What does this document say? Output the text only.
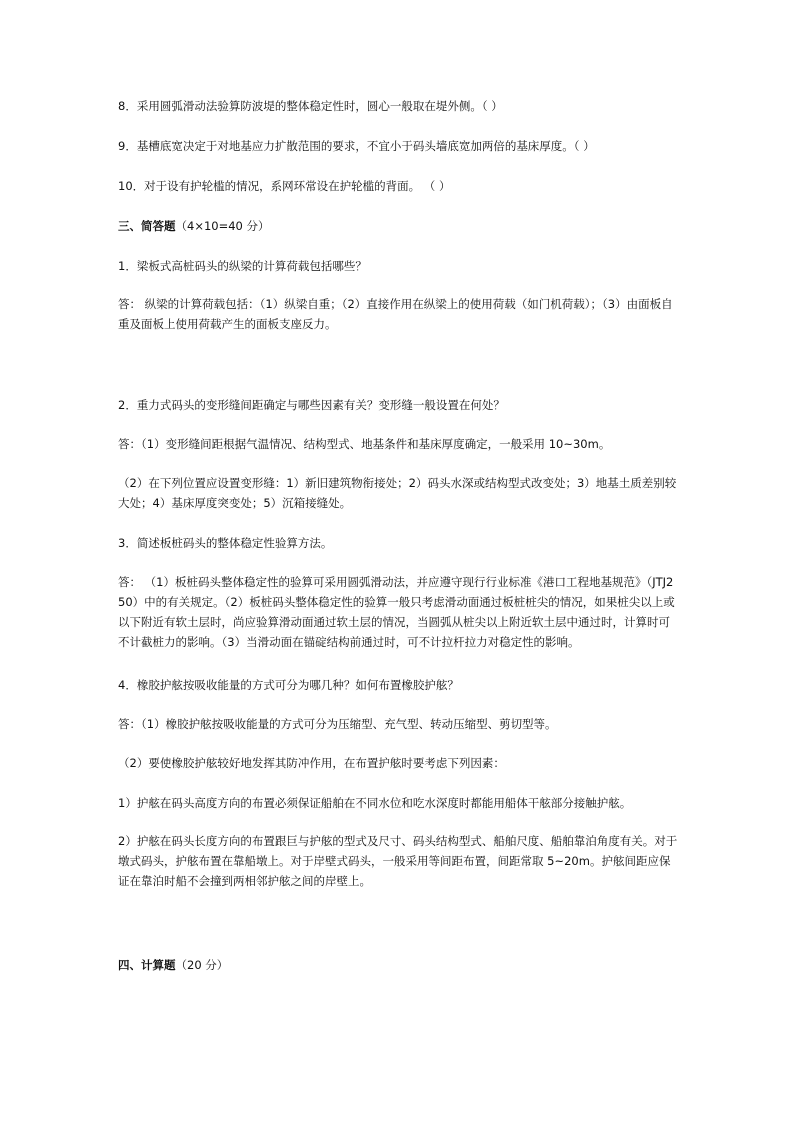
8．采用圆弧滑动法验算防波堤的整体稳定性时，圆心一般取在堤外侧。（ ）

9．基槽底宽决定于对地基应力扩散范围的要求，不宜小于码头墙底宽加两倍的基床厚度。（ ）

10．对于设有护轮槛的情况，系网环常设在护轮槛的背面。 （ ）

三、简答题（4×10=40 分）

1．梁板式高桩码头的纵梁的计算荷载包括哪些？

答： 纵梁的计算荷载包括：（1）纵梁自重；（2）直接作用在纵梁上的使用荷载（如门机荷载）；（3）由面板自重及面板上使用荷载产生的面板支座反力。

2．重力式码头的变形缝间距确定与哪些因素有关？变形缝一般设置在何处？

答：（1）变形缝间距根据气温情况、结构型式、地基条件和基床厚度确定，一般采用 10~30m。

（2）在下列位置应设置变形缝：1）新旧建筑物衔接处；2）码头水深或结构型式改变处；3）地基土质差别较大处；4）基床厚度突变处；5）沉箱接缝处。

3．简述板桩码头的整体稳定性验算方法。

答： （1）板桩码头整体稳定性的验算可采用圆弧滑动法，并应遵守现行行业标准《港口工程地基规范》（JTJ250）中的有关规定。（2）板桩码头整体稳定性的验算一般只考虑滑动面通过板桩桩尖的情况，如果桩尖以上或以下附近有软土层时，尚应验算滑动面通过软土层的情况，当圆弧从桩尖以上附近软土层中通过时，计算时可不计截桩力的影响。（3）当滑动面在锚碇结构前通过时，可不计拉杆拉力对稳定性的影响。

4．橡胶护舷按吸收能量的方式可分为哪几种？如何布置橡胶护舷？

答：（1）橡胶护舷按吸收能量的方式可分为压缩型、充气型、转动压缩型、剪切型等。

（2）要使橡胶护舷较好地发挥其防冲作用，在布置护舷时要考虑下列因素：

1）护舷在码头高度方向的布置必须保证船舶在不同水位和吃水深度时都能用船体干舷部分接触护舷。

2）护舷在码头长度方向的布置跟巨与护舷的型式及尺寸、码头结构型式、船舶尺度、船舶靠泊角度有关。对于墩式码头，护舷布置在靠船墩上。对于岸壁式码头，一般采用等间距布置，间距常取 5~20m。护舷间距应保证在靠泊时船不会撞到两相邻护舷之间的岸壁上。

四、计算题（20 分）
